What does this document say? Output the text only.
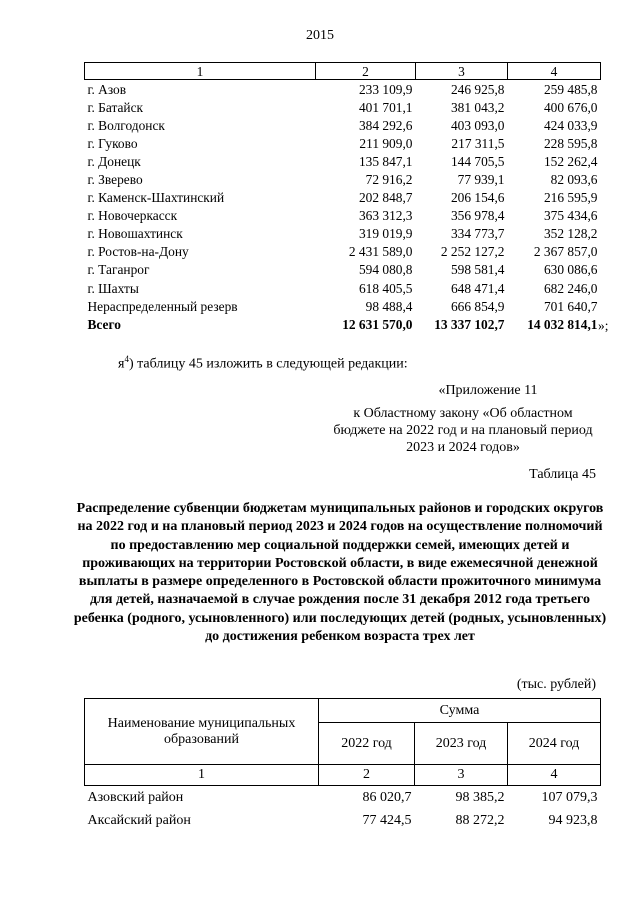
2015
1	2	3	4
г. Азов	233 109,9	246 925,8	259 485,8
г. Батайск	401 701,1	381 043,2	400 676,0
г. Волгодонск	384 292,6	403 093,0	424 033,9
г. Гуково	211 909,0	217 311,5	228 595,8
г. Донецк	135 847,1	144 705,5	152 262,4
г. Зверево	72 916,2	77 939,1	82 093,6
г. Каменск-Шахтинский	202 848,7	206 154,6	216 595,9
г. Новочеркасск	363 312,3	356 978,4	375 434,6
г. Новошахтинск	319 019,9	334 773,7	352 128,2
г. Ростов-на-Дону	2 431 589,0	2 252 127,2	2 367 857,0
г. Таганрог	594 080,8	598 581,4	630 086,6
г. Шахты	618 405,5	648 471,4	682 246,0
Нераспределенный резерв	98 488,4	666 854,9	701 640,7
Всего	12 631 570,0	13 337 102,7	14 032 814,1 »;
$я^4$) таблицу 45 изложить в следующей редакции:
«Приложение 11
к Областному закону «Об областном бюджете на 2022 год и на плановый период 2023 и 2024 годов»
Таблица 45
Распределение субвенции бюджетам муниципальных районов и городских округов на 2022 год и на плановый период 2023 и 2024 годов на осуществление полномочий по предоставлению мер социальной поддержки семей, имеющих детей и проживающих на территории Ростовской области, в виде ежемесячной денежной выплаты в размере определенного в Ростовской области прожиточного минимума для детей, назначаемой в случае рождения после 31 декабря 2012 года третьего ребенка (родного, усыновленного) или последующих детей (родных, усыновленных) до достижения ребенком возраста трех лет
(тыс. рублей)
Наименование муниципальных образований	Сумма		
	2022 год	2023 год	2024 год
1	2	3	4
Азовский район	86 020,7	98 385,2	107 079,3
Аксайский район	77 424,5	88 272,2	94 923,8
